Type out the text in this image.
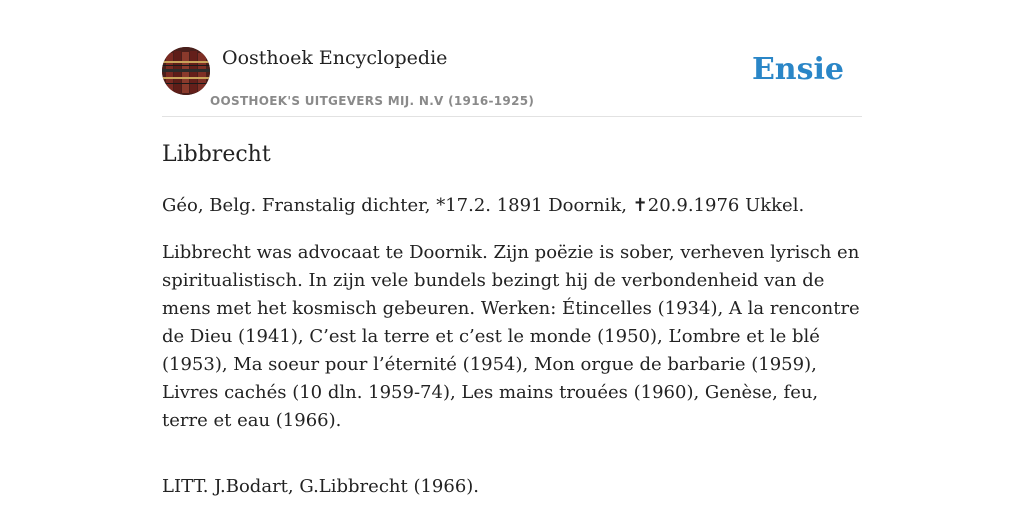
Oosthoek Encyclopedie
OOSTHOEK'S UITGEVERS MIJ. N.V (1916-1925)
Ensie
Libbrecht

Géo, Belg. Franstalig dichter, *17.2. 1891 Doornik, ✝20.9.1976 Ukkel.

Libbrecht was advocaat te Doornik. Zijn poëzie is sober, verheven lyrisch en spiritualistisch. In zijn vele bundels bezingt hij de verbondenheid van de mens met het kosmisch gebeuren. Werken: Étincelles (1934), A la rencontre de Dieu (1941), C’est la terre et c’est le monde (1950), L’ombre et le blé (1953), Ma soeur pour l’éternité (1954), Mon orgue de barbarie (1959), Livres cachés (10 dln. 1959-74), Les mains trouées (1960), Genèse, feu, terre et eau (1966).

LITT. J.Bodart, G.Libbrecht (1966).
